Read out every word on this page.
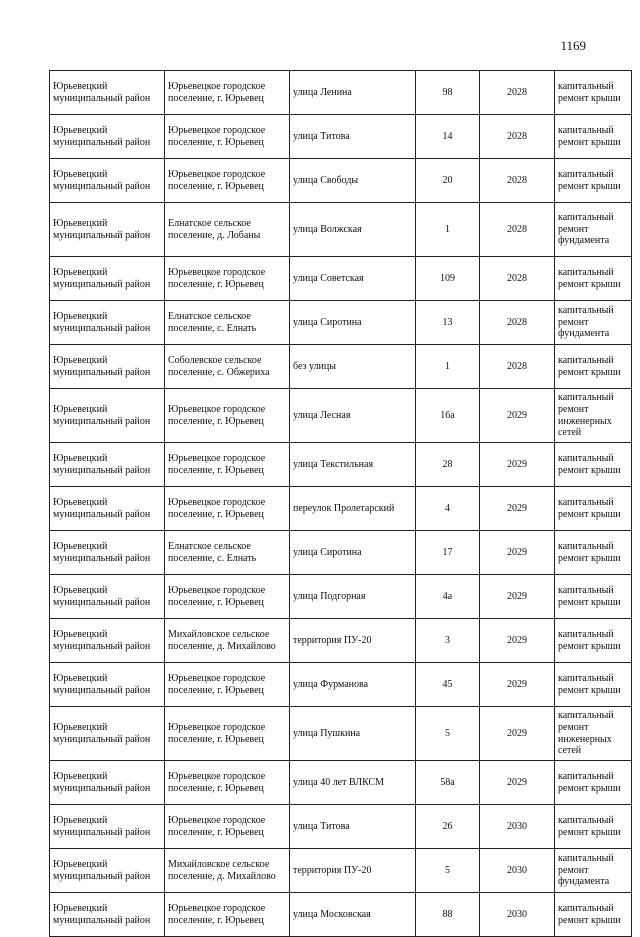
1169
Юрьевецкий муниципальный район	Юрьевецкое городское поселение, г. Юрьевец	улица Ленина	98	2028	капитальный ремонт крыши
Юрьевецкий муниципальный район	Юрьевецкое городское поселение, г. Юрьевец	улица Титова	14	2028	капитальный ремонт крыши
Юрьевецкий муниципальный район	Юрьевецкое городское поселение, г. Юрьевец	улица Свободы	20	2028	капитальный ремонт крыши
Юрьевецкий муниципальный район	Елнатское сельское поселение, д. Лобаны	улица Волжская	1	2028	капитальный ремонт фундамента
Юрьевецкий муниципальный район	Юрьевецкое городское поселение, г. Юрьевец	улица Советская	109	2028	капитальный ремонт крыши
Юрьевецкий муниципальный район	Елнатское сельское поселение, с. Елнать	улица Сиротина	13	2028	капитальный ремонт фундамента
Юрьевецкий муниципальный район	Соболевское сельское поселение, с. Обжериха	без улицы	1	2028	капитальный ремонт крыши
Юрьевецкий муниципальный район	Юрьевецкое городское поселение, г. Юрьевец	улица Лесная	16а	2029	капитальный ремонт инженерных сетей
Юрьевецкий муниципальный район	Юрьевецкое городское поселение, г. Юрьевец	улица Текстильная	28	2029	капитальный ремонт крыши
Юрьевецкий муниципальный район	Юрьевецкое городское поселение, г. Юрьевец	переулок Пролетарский	4	2029	капитальный ремонт крыши
Юрьевецкий муниципальный район	Елнатское сельское поселение, с. Елнать	улица Сиротина	17	2029	капитальный ремонт крыши
Юрьевецкий муниципальный район	Юрьевецкое городское поселение, г. Юрьевец	улица Подгорная	4а	2029	капитальный ремонт крыши
Юрьевецкий муниципальный район	Михайловское сельское поселение, д. Михайлово	территория ПУ-20	3	2029	капитальный ремонт крыши
Юрьевецкий муниципальный район	Юрьевецкое городское поселение, г. Юрьевец	улица Фурманова	45	2029	капитальный ремонт крыши
Юрьевецкий муниципальный район	Юрьевецкое городское поселение, г. Юрьевец	улица Пушкина	5	2029	капитальный ремонт инженерных сетей
Юрьевецкий муниципальный район	Юрьевецкое городское поселение, г. Юрьевец	улица 40 лет ВЛКСМ	58а	2029	капитальный ремонт крыши
Юрьевецкий муниципальный район	Юрьевецкое городское поселение, г. Юрьевец	улица Титова	26	2030	капитальный ремонт крыши
Юрьевецкий муниципальный район	Михайловское сельское поселение, д. Михайлово	территория ПУ-20	5	2030	капитальный ремонт фундамента
Юрьевецкий муниципальный район	Юрьевецкое городское поселение, г. Юрьевец	улица Московская	88	2030	капитальный ремонт крыши
